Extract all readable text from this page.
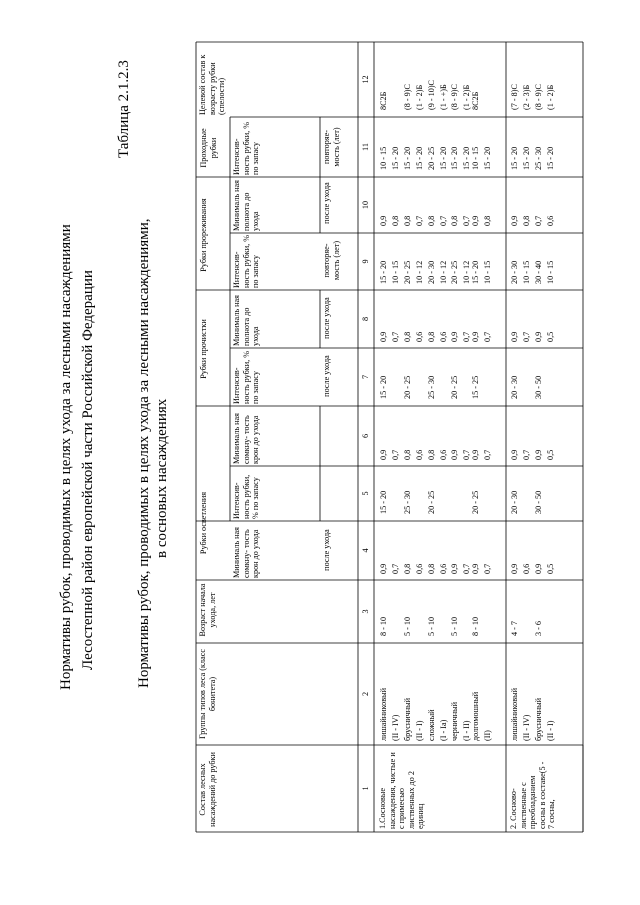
Нормативы рубок, проводимых в целях ухода за лесными насаждениями Лесостепной район европейской части Российской Федерации
Таблица 2.1.2.3
Нормативы рубок, проводимых в целях ухода за лесными насаждениями, в сосновых насаждениях
Состав лесных насаждений до рубки
Группы типов леса (класс бонитета)
Возраст начала ухода, лет
Рубки осветления
Рубки прочистки
Рубки прореживания
Проходные рубки
Целевой состав к возрасту рубки (спелости)
Минималь ная сомкну- тость крон до ухода
Интенсив- ность рубки, % по запасу
Минималь ная сомкну- тость крон до ухода
Интенсив- ность рубки, % по запасу
Минималь ная полнота до ухода
Интенсив- ность рубки, % по запасу
Минималь ная полнота до ухода
Интенсив- ность рубки, % по запасу
после ухода
после ухода
после ухода
повторяе- мость (лет)
после ухода
повторяе- мость (лет)
1
2
3
4
5
6
7
8
9
10
11
12
1.Сосновые насаждения, чистые и с примесью лиственных до 2 единиц
лишайниковый
(II - IV)
брусничный
(II - I)
сложный
(I - Iа)
черничный
(I - II)
8 - 10

5 - 10

5 - 10

5 - 10
0,9
0,7
0,8
0,6
0,8
0,6
0,9
0,7
15 - 20

25 - 30

20 - 25
0,9
0,7
0,8
0,6
0,8
0,6
0,9
0,7
15 - 20

20 - 25

25 - 30

20 - 25
0,9
0,7
0,8
0,6
0,8
0,6
0,9
0,7
15 - 20
10 - 15
20 - 25
10 - 12
20 - 30
10 - 12
20 - 25
10 - 12
0,9
0,8
0,8
0,7
0,8
0,7
0,8
0,7
10 - 15
15 - 20
15 - 20
15 - 20
20 - 25
15 - 20
15 - 20
15 - 20
8С2Б

(8 - 9)С
(1 - 2)Б
(9 - 10)С
(1 - +)Б
(8 - 9)С
(1 - 2)Б
долгомошный
(II)
8 - 10
0,9
0,7
20 - 25
0,9
0,7
15 - 25
0,9
0,7
15 - 20
10 - 15
0,9
0,8
10 - 15
15 - 20
8С2Б
2. Сосново-лиственные с преобладанием сосны в составе(5 - 7 сосны,
лишайниковый
(II - IV)
брусничный
(II - I)
4 - 7

3 - 6
0,9
0,6
0,9
0,5
20 - 30

30 - 50
0,9
0,7
0,9
0,5
20 - 30

30 - 50
0,9
0,7
0,9
0,5
20 - 30
10 - 15
30 - 40
10 - 15
0,9
0,8
0,7
0,6
15 - 20
15 - 20
25 - 30
15 - 20
(7 - 8)С
(2 - 3)Б
(8 - 9)С
(1 - 2)Б
